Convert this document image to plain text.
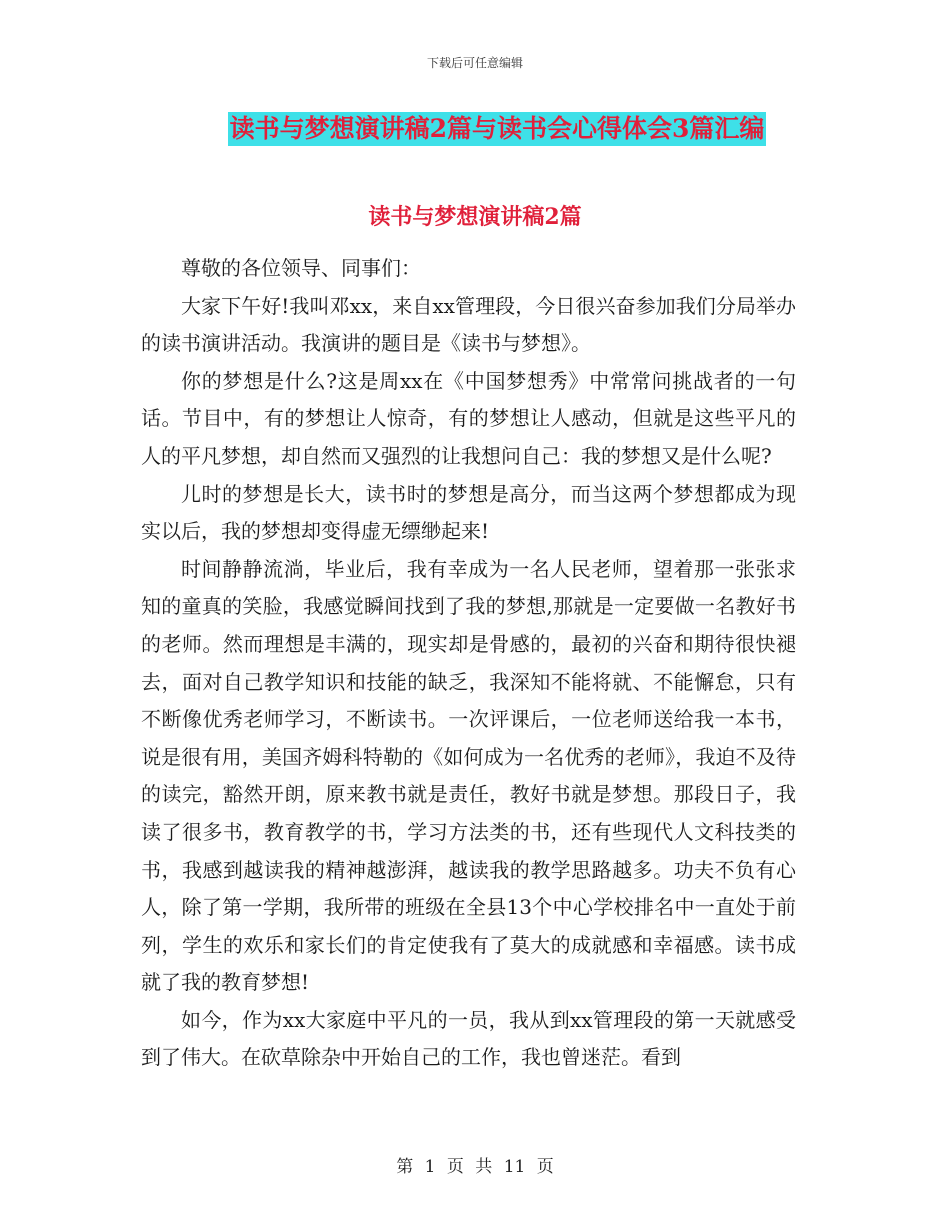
下载后可任意编辑
读书与梦想演讲稿2篇与读书会心得体会3篇汇编
读书与梦想演讲稿2篇

尊敬的各位领导、同事们：

大家下午好!我叫邓xx，来自xx管理段，今日很兴奋参加我们分局举办的读书演讲活动。我演讲的题目是《读书与梦想》。

你的梦想是什么?这是周xx在《中国梦想秀》中常常问挑战者的一句话。节目中，有的梦想让人惊奇，有的梦想让人感动，但就是这些平凡的人的平凡梦想，却自然而又强烈的让我想问自己：我的梦想又是什么呢?

儿时的梦想是长大，读书时的梦想是高分，而当这两个梦想都成为现实以后，我的梦想却变得虚无缥缈起来!

时间静静流淌，毕业后，我有幸成为一名人民老师，望着那一张张求知的童真的笑脸，我感觉瞬间找到了我的梦想,那就是一定要做一名教好书的老师。然而理想是丰满的，现实却是骨感的，最初的兴奋和期待很快褪去，面对自己教学知识和技能的缺乏，我深知不能将就、不能懈怠，只有不断像优秀老师学习，不断读书。一次评课后，一位老师送给我一本书，说是很有用，美国齐姆科特勒的《如何成为一名优秀的老师》，我迫不及待的读完，豁然开朗，原来教书就是责任，教好书就是梦想。那段日子，我读了很多书，教育教学的书，学习方法类的书，还有些现代人文科技类的书，我感到越读我的精神越澎湃，越读我的教学思路越多。功夫不负有心人，除了第一学期，我所带的班级在全县13个中心学校排名中一直处于前列，学生的欢乐和家长们的肯定使我有了莫大的成就感和幸福感。读书成就了我的教育梦想!

如今，作为xx大家庭中平凡的一员，我从到xx管理段的第一天就感受到了伟大。在砍草除杂中开始自己的工作，我也曾迷茫。看到

第 1 页 共 11 页
